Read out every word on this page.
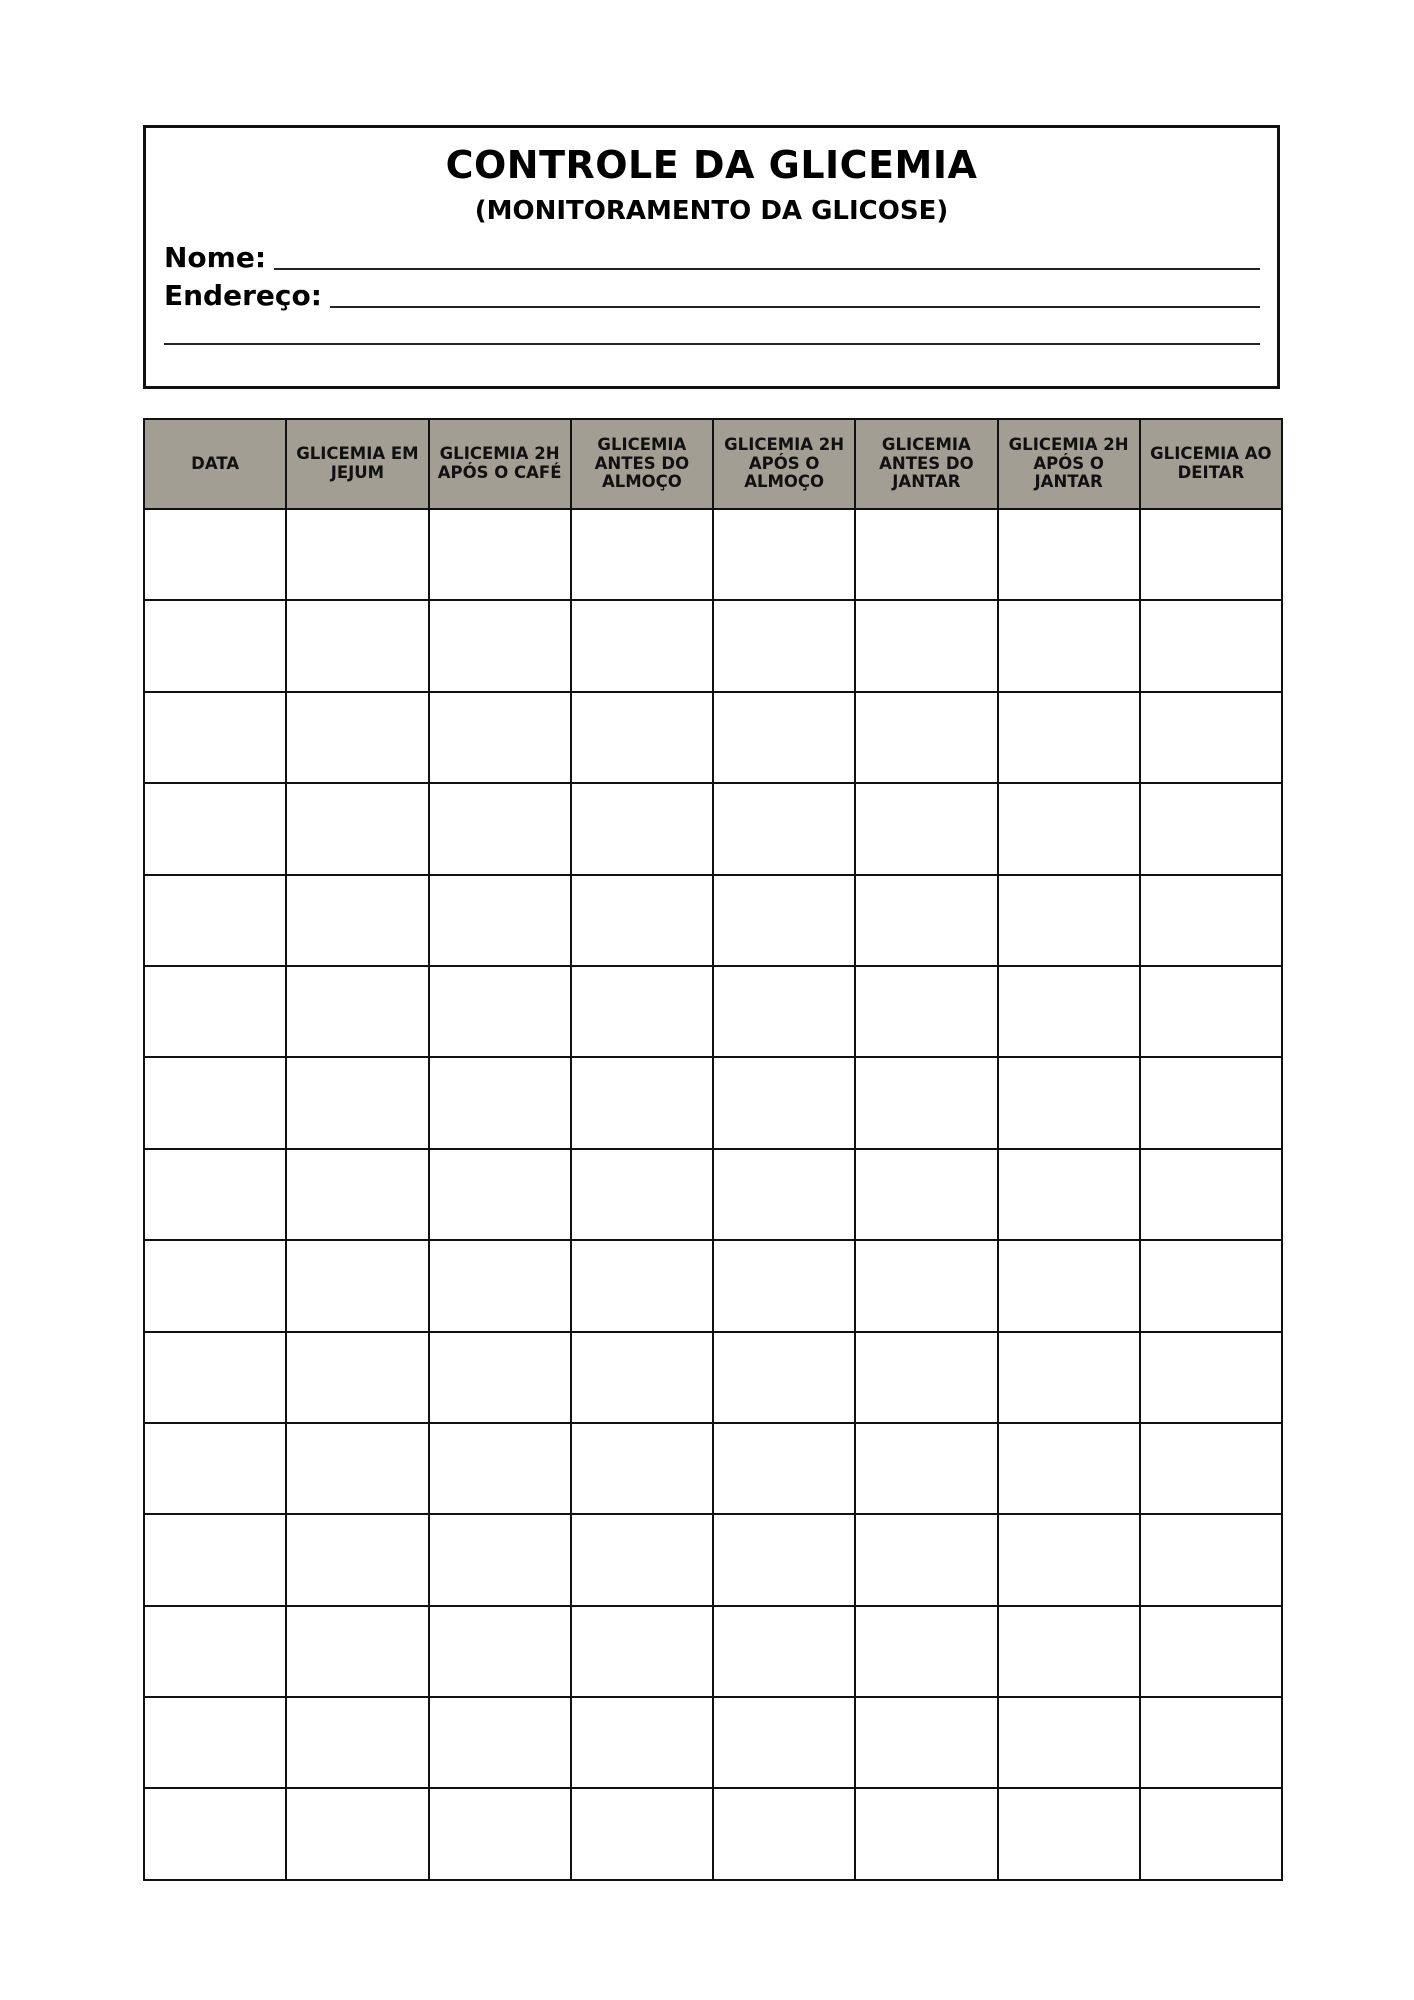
CONTROLE DA GLICEMIA
(MONITORAMENTO DA GLICOSE)
Nome:
Endereço:
DATA	GLICEMIA EM JEJUM	GLICEMIA 2H APÓS O CAFÉ	GLICEMIA ANTES DO ALMOÇO	GLICEMIA 2H APÓS O ALMOÇO	GLICEMIA ANTES DO JANTAR	GLICEMIA 2H APÓS O JANTAR	GLICEMIA AO DEITAR
